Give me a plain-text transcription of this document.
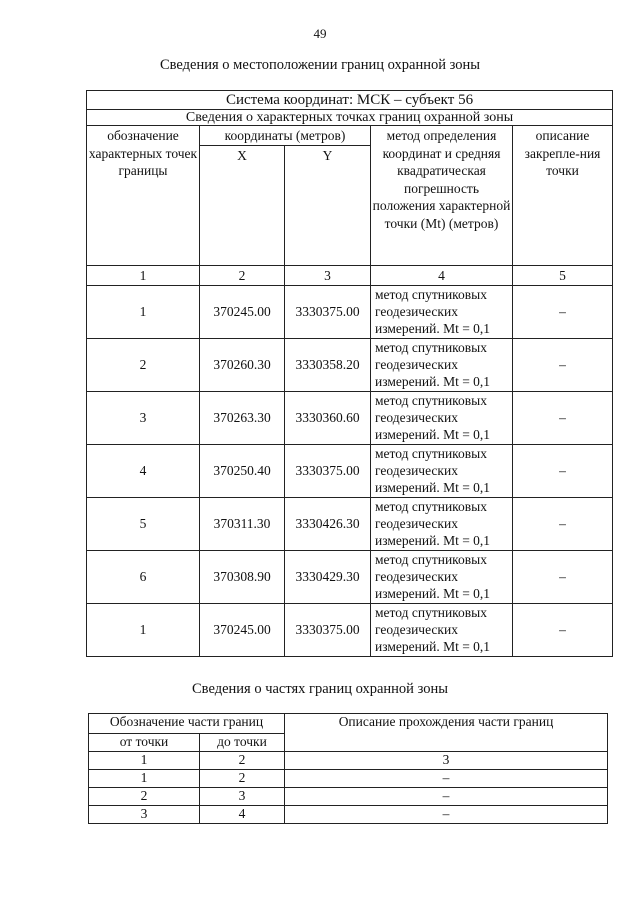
49
Сведения о местоположении границ охранной зоны
Система координат: МСК – субъект 56				
Сведения о характерных точках границ охранной зоны				
обозначение характерных точек границы	координаты (метров)		метод определения координат и средняя квадратическая погрешность положения характерной точки (Mt) (метров)	описание закрепле-ния точки
	X	Y		
1	2	3	4	5
1	370245.00	3330375.00	метод спутниковых геодезических измерений. Mt = 0,1	–
2	370260.30	3330358.20	метод спутниковых геодезических измерений. Mt = 0,1	–
3	370263.30	3330360.60	метод спутниковых геодезических измерений. Mt = 0,1	–
4	370250.40	3330375.00	метод спутниковых геодезических измерений. Mt = 0,1	–
5	370311.30	3330426.30	метод спутниковых геодезических измерений. Mt = 0,1	–
6	370308.90	3330429.30	метод спутниковых геодезических измерений. Mt = 0,1	–
1	370245.00	3330375.00	метод спутниковых геодезических измерений. Mt = 0,1	–
Сведения о частях границ охранной зоны
Обозначение части границ		Описание прохождения части границ
от точки	до точки	
1	2	3
1	2	–
2	3	–
3	4	–
